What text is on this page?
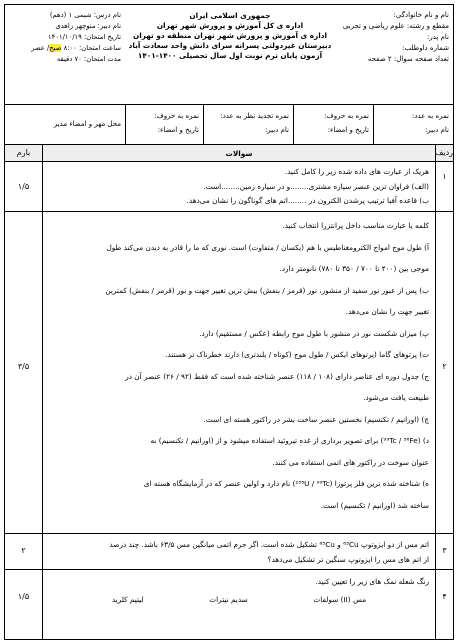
نام و نام خانوادگی:
مقطع و رشته: علوم ریاضی و تجربی
نام پدر:
شماره داوطلب:
تعداد صفحه سوال: ۲ صفحه
جمهوری اسلامی ایران
اداره ی کل آموزش و پرورش شهر تهران
اداره ی آموزش و پرورش شهر تهران منطقه دو تهران
دبیرستان غیردولتی پسرانه سرای دانش واحد سعادت آباد
آزمون پایان ترم نوبت اول سال تحصیلی ۱۴۰۰-۱۴۰۱
نام درس: شیمی ۱ (دهم)
نام دبیر: منوچهر زاهدی
تاریخ امتحان: ۱۴۰۱/۱۰/۱۹
ساعت امتحان: ۸:۰۰ صبح/ عصر
مدت امتحان: ۷۰ دقیقه
نمره به عدد:
نام دبیر:
نمره به حروف:
تاریخ و امضاء:
نمره تجدید نظر به عدد:
نام دبیر:
نمره به حروف:
تاریخ و امضاء:
محل مهر و امضاء مدیر
ردیف
سوالات
بارم
۱
هریک از عبارت های داده شده زیر را کامل کنید.
(الف) فراوان ترین عنصر سیاره مشتری........و در سیاره زمین........است.
ب) قاعده آفبا ترتیب پرشدن الکترون در ........اتم های گوناگون را نشان می‌دهد.
۱/۵
۲
کلمه یا عبارت مناسب داخل پرانتزرا انتخاب کنید.
آ) طول موج امواج الکترومغناطیس با هم (یکسان / متفاوت) است. نوری که ما را قادر به دیدن می‌کند طول
موجی بین (۴۰۰ تا ۷۰۰ / ۳۵۰ تا ۷۸۰) نانومتر دارد.
ب) پس از عبور نور سفید از منشور، نور (قرمز / بنفش) بیش ترین تغییر جهت و نور (قرمز / بنفش) کمترین
تغییر جهت را نشان می‌دهد.
پ) میزان شکست نور در منشور با طول موج رابطه (عکس / مستقیم) دارد.
ت) پرتوهای گاما (پرتوهای ایکس / طول موج (کوتاه / بلندتری) دارند خطرناک تر هستند.
ج) جدول دوره ای عناصر دارای (۱۰۸ / ۱۱۸) عنصر شناخته شده است که فقط (۹۲ / ۲۶) عنصر آن در
طبیعت یافت می‌شود.
چ) (اورانیم / تکنسیم) نخستین عنصر ساخت بشر در راکتور هسته ای است.
د) (⁹⁹Tc / ⁵⁶Fe) برای تصویر برداری از غده تیروئید استفاده میشود و از (اورانیم / تکنسیم) به
عنوان سوخت در راکتور های اتمی استفاده می کنند.
ه) شناخته شده ترین فلز پرتوزا (²³⁵U / ⁹⁹Tc) نام دارد و اولین عنصر که در آزمایشگاه هسته ای
ساخته شد (اورانیم / تکنسیم) است.
۳/۵
۳
اتم مس از دو ایزوتوپ ⁶³Cu و ⁶⁵Cu تشکیل شده است. اگر جرم اتمی میانگین مس ۶۳/۵ باشد. چند درصد
از اتم های مس را ایزوتوپ سنگین تر تشکیل می‌دهد؟
۲
۴
رنگ شعله نمک های زیر را تعیین کنید.
مس (II) سولفات
سدیم نیترات
لیتیم کلرید
۱/۵
